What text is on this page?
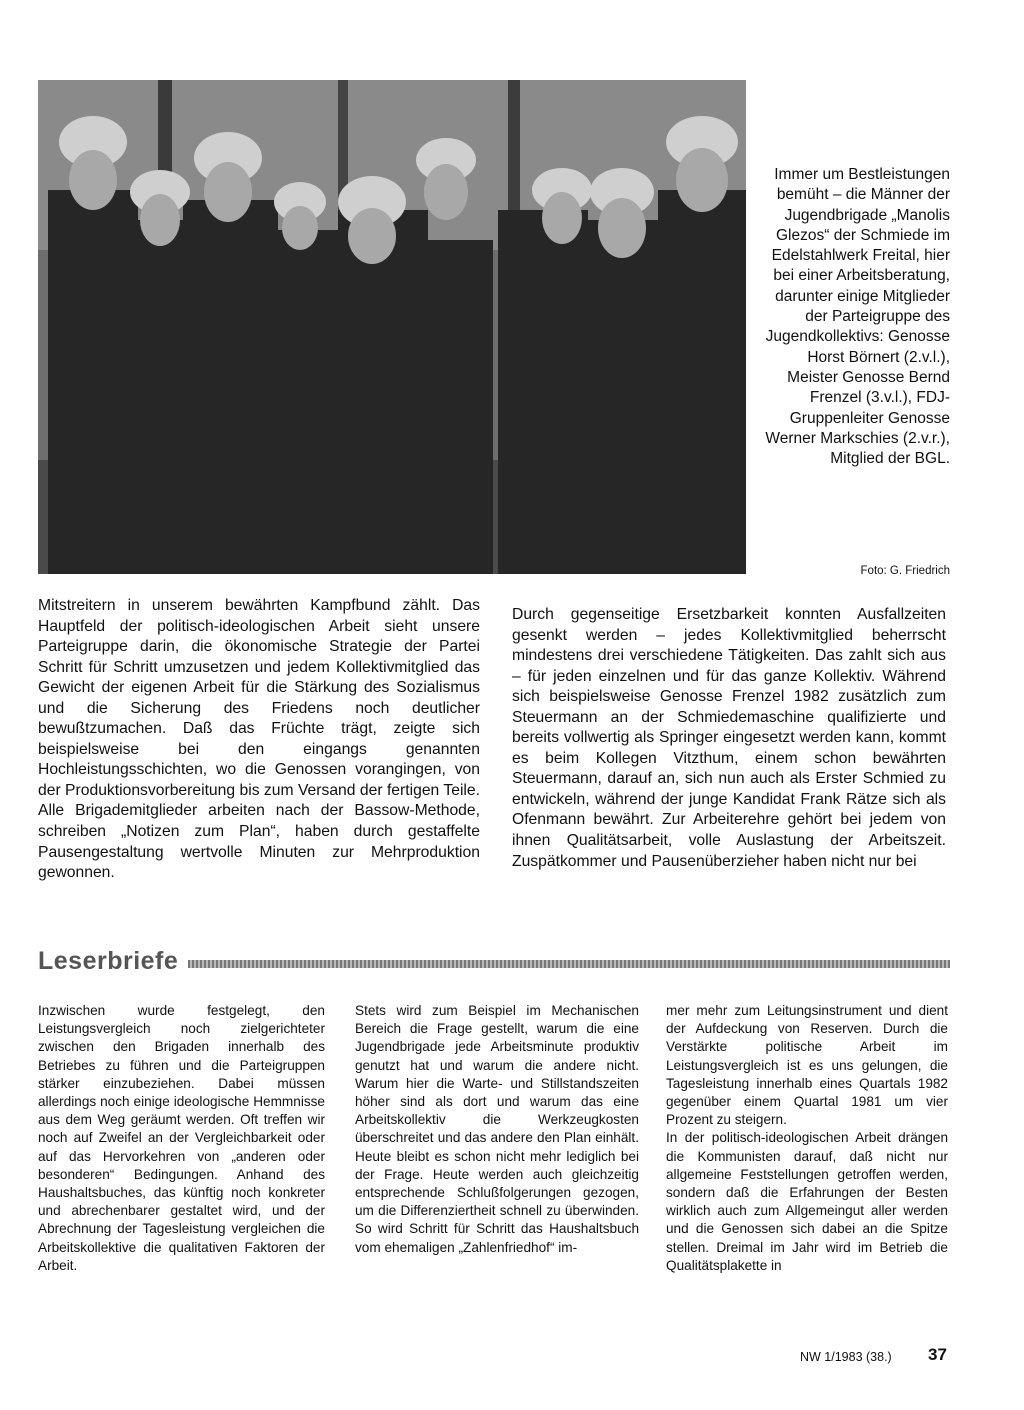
Immer um Bestleistungen bemüht – die Männer der Jugendbrigade „Manolis Glezos“ der Schmiede im Edelstahlwerk Freital, hier bei einer Arbeitsberatung, darunter einige Mitglieder der Parteigruppe des Jugendkollektivs: Genosse Horst Börnert (2.v.l.), Meister Genosse Bernd Frenzel (3.v.l.), FDJ-Gruppenleiter Genosse Werner Markschies (2.v.r.), Mitglied der BGL.
Foto: G. Friedrich

Mitstreitern in unserem bewährten Kampfbund zählt. Das Hauptfeld der politisch-ideologischen Arbeit sieht unsere Parteigruppe darin, die ökonomische Strategie der Partei Schritt für Schritt umzusetzen und jedem Kollektivmitglied das Gewicht der eigenen Arbeit für die Stärkung des Sozialismus und die Sicherung des Friedens noch deutlicher bewußtzumachen. Daß das Früchte trägt, zeigte sich beispielsweise bei den eingangs genannten Hochleistungsschichten, wo die Genossen vorangingen, von der Produktionsvorbereitung bis zum Versand der fertigen Teile. Alle Brigademitglieder arbeiten nach der Bassow-Methode, schreiben „Notizen zum Plan“, haben durch gestaffelte Pausengestaltung wertvolle Minuten zur Mehrproduktion gewonnen.

Durch gegenseitige Ersetzbarkeit konnten Ausfallzeiten gesenkt werden – jedes Kollektivmitglied beherrscht mindestens drei verschiedene Tätigkeiten. Das zahlt sich aus – für jeden einzelnen und für das ganze Kollektiv. Während sich beispielsweise Genosse Frenzel 1982 zusätzlich zum Steuermann an der Schmiedemaschine qualifizierte und bereits vollwertig als Springer eingesetzt werden kann, kommt es beim Kollegen Vitzthum, einem schon bewährten Steuermann, darauf an, sich nun auch als Erster Schmied zu entwickeln, während der junge Kandidat Frank Rätze sich als Ofenmann bewährt. Zur Arbeiterehre gehört bei jedem von ihnen Qualitätsarbeit, volle Auslastung der Arbeitszeit. Zuspätkommer und Pausenüberzieher haben nicht nur bei

Leserbriefe

Inzwischen wurde festgelegt, den Leistungsvergleich noch zielgerichteter zwischen den Brigaden innerhalb des Betriebes zu führen und die Parteigruppen stärker einzubeziehen. Dabei müssen allerdings noch einige ideologische Hemmnisse aus dem Weg geräumt werden. Oft treffen wir noch auf Zweifel an der Vergleichbarkeit oder auf das Hervorkehren von „anderen oder besonderen“ Bedingungen. Anhand des Haushaltsbuches, das künftig noch konkreter und abrechenbarer gestaltet wird, und der Abrechnung der Tagesleistung vergleichen die Arbeitskollektive die qualitativen Faktoren der Arbeit.

Stets wird zum Beispiel im Mechanischen Bereich die Frage gestellt, warum die eine Jugendbrigade jede Arbeitsminute produktiv genutzt hat und warum die andere nicht. Warum hier die Warte- und Stillstandszeiten höher sind als dort und warum das eine Arbeitskollektiv die Werkzeugkosten überschreitet und das andere den Plan einhält. Heute bleibt es schon nicht mehr lediglich bei der Frage. Heute werden auch gleichzeitig entsprechende Schlußfolgerungen gezogen, um die Differenziertheit schnell zu überwinden. So wird Schritt für Schritt das Haushaltsbuch vom ehemaligen „Zahlenfriedhof“ im-

mer mehr zum Leitungsinstrument und dient der Aufdeckung von Reserven. Durch die Verstärkte politische Arbeit im Leistungsvergleich ist es uns gelungen, die Tagesleistung innerhalb eines Quartals 1982 gegenüber einem Quartal 1981 um vier Prozent zu steigern.

In der politisch-ideologischen Arbeit drängen die Kommunisten darauf, daß nicht nur allgemeine Feststellungen getroffen werden, sondern daß die Erfahrungen der Besten wirklich auch zum Allgemeingut aller werden und die Genossen sich dabei an die Spitze stellen. Dreimal im Jahr wird im Betrieb die Qualitätsplakette in

NW 1/1983 (38.) 37
